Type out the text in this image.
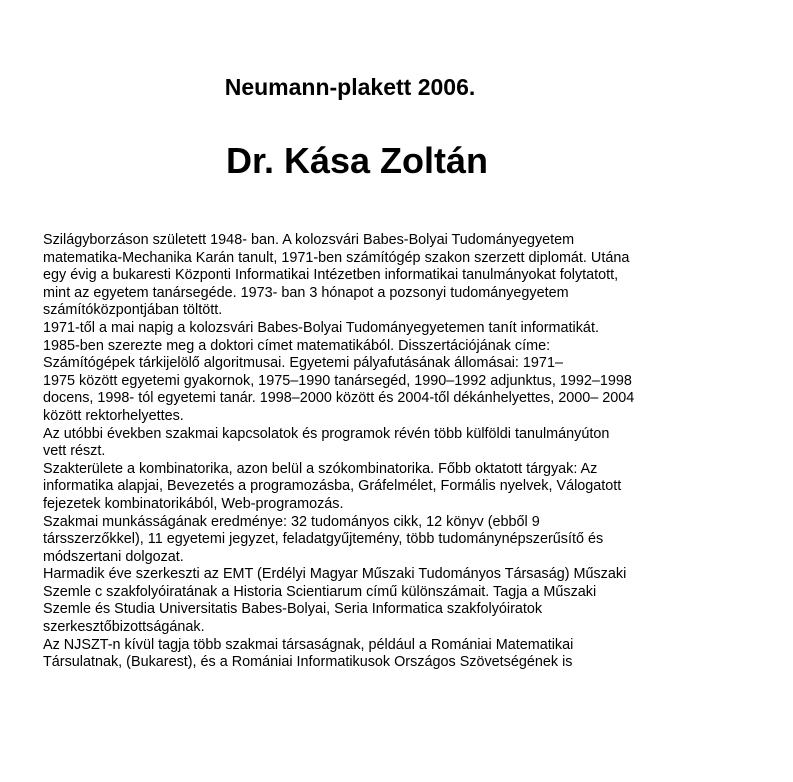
Neumann-plakett 2006.
Dr. Kása Zoltán
Szilágyborzáson született 1948- ban. A kolozsvári Babes-Bolyai Tudományegyetem
matematika-Mechanika Karán tanult, 1971-ben számítógép szakon szerzett diplomát. Utána
egy évig a bukaresti Központi Informatikai Intézetben informatikai tanulmányokat folytatott,
mint az egyetem tanársegéde. 1973- ban 3 hónapot a pozsonyi tudományegyetem
számítóközpontjában töltött.
1971-től a mai napig a kolozsvári Babes-Bolyai Tudományegyetemen tanít informatikát.
1985-ben szerezte meg a doktori címet matematikából. Disszertációjának címe:
Számítógépek tárkijelölő algoritmusai. Egyetemi pályafutásának állomásai: 1971–
1975 között egyetemi gyakornok, 1975–1990 tanársegéd, 1990–1992 adjunktus, 1992–1998
docens, 1998- tól egyetemi tanár. 1998–2000 között és 2004-től dékánhelyettes, 2000– 2004
között rektorhelyettes.
Az utóbbi években szakmai kapcsolatok és programok révén több külföldi tanulmányúton
vett részt.
Szakterülete a kombinatorika, azon belül a szókombinatorika. Főbb oktatott tárgyak: Az
informatika alapjai, Bevezetés a programozásba, Gráfelmélet, Formális nyelvek, Válogatott
fejezetek kombinatorikából, Web-programozás.
Szakmai munkásságának eredménye: 32 tudományos cikk, 12 könyv (ebből 9
társszerzőkkel), 11 egyetemi jegyzet, feladatgyűjtemény, több tudománynépszerűsítő és
módszertani dolgozat.
Harmadik éve szerkeszti az EMT (Erdélyi Magyar Műszaki Tudományos Társaság) Műszaki
Szemle c szakfolyóiratának a Historia Scientiarum című különszámait. Tagja a Műszaki
Szemle és Studia Universitatis Babes-Bolyai, Seria Informatica szakfolyóiratok
szerkesztőbizottságának.
Az NJSZT-n kívül tagja több szakmai társaságnak, például a Romániai Matematikai
Társulatnak, (Bukarest), és a Romániai Informatikusok Országos Szövetségének is
